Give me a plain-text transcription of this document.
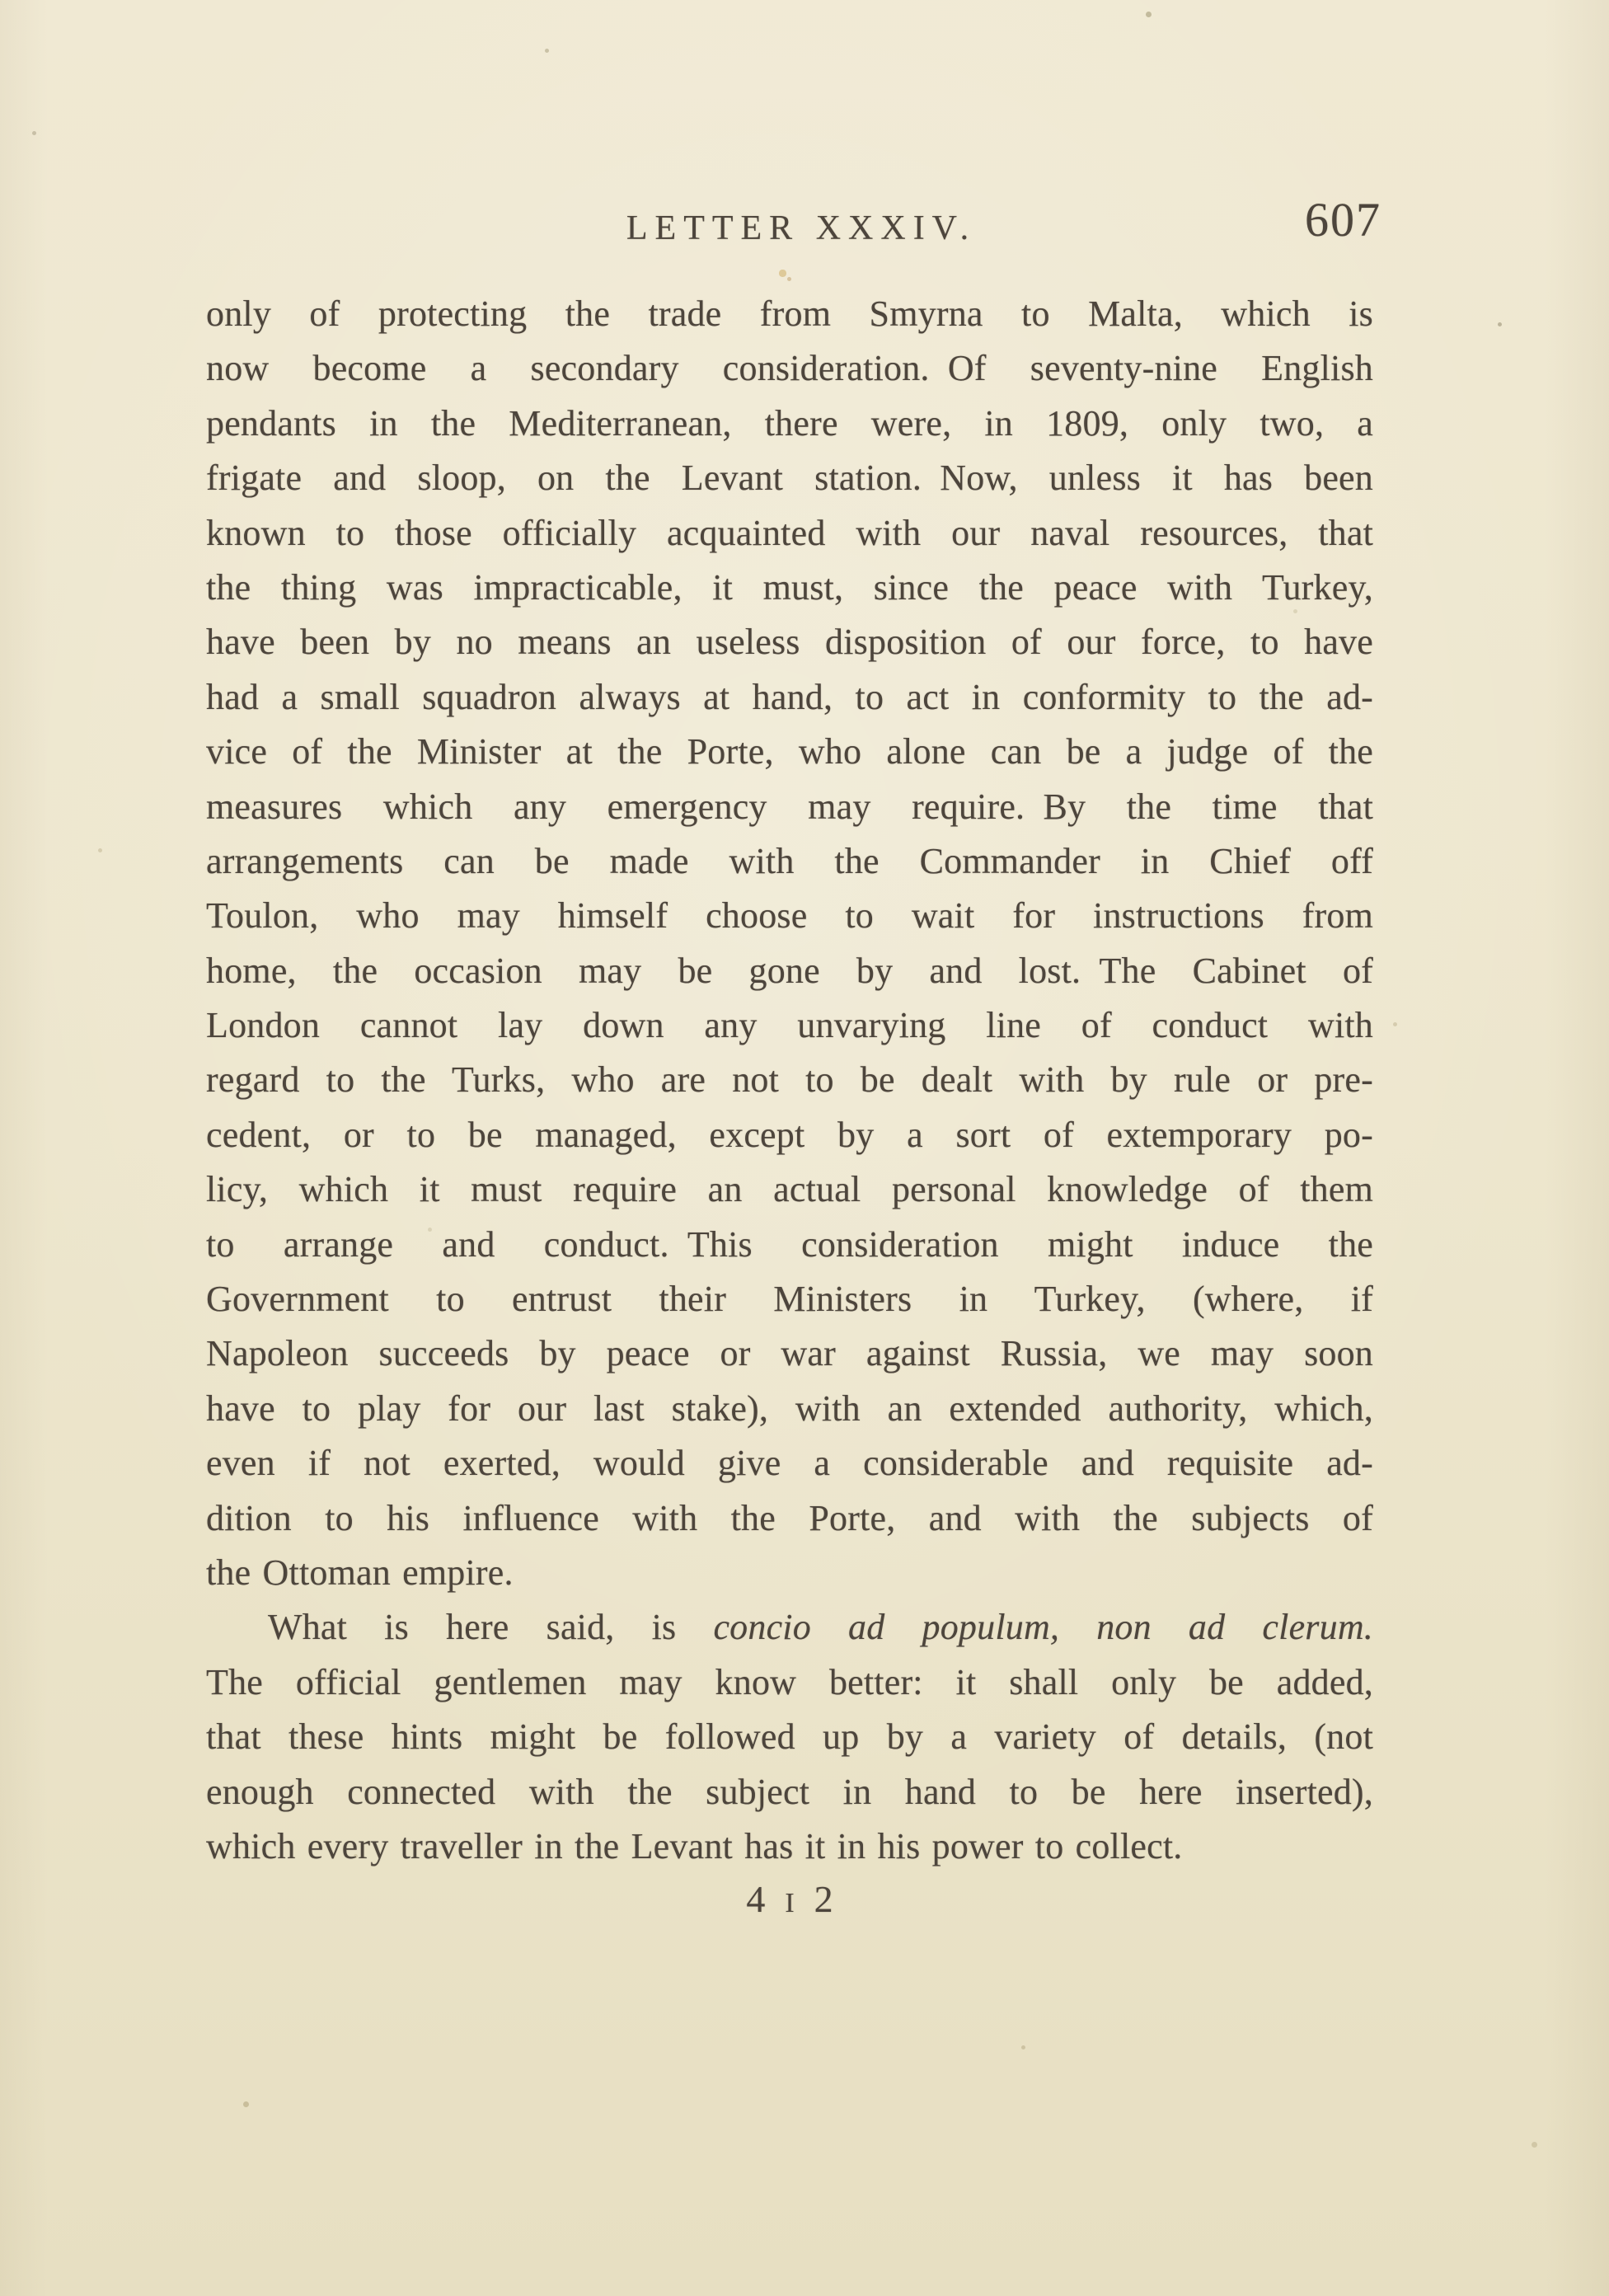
LETTER XXXIV.	607
only of protecting the trade from Smyrna to Malta, which is
now become a secondary consideration. Of seventy-nine English
pendants in the Mediterranean, there were, in 1809, only two, a
frigate and sloop, on the Levant station. Now, unless it has been
known to those officially acquainted with our naval resources, that
the thing was impracticable, it must, since the peace with Turkey,
have been by no means an useless disposition of our force, to have
had a small squadron always at hand, to act in conformity to the ad-
vice of the Minister at the Porte, who alone can be a judge of the
measures which any emergency may require. By the time that
arrangements can be made with the Commander in Chief off
Toulon, who may himself choose to wait for instructions from
home, the occasion may be gone by and lost. The Cabinet of
London cannot lay down any unvarying line of conduct with
regard to the Turks, who are not to be dealt with by rule or pre-
cedent, or to be managed, except by a sort of extemporary po-
licy, which it must require an actual personal knowledge of them
to arrange and conduct. This consideration might induce the
Government to entrust their Ministers in Turkey, (where, if
Napoleon succeeds by peace or war against Russia, we may soon
have to play for our last stake), with an extended authority, which,
even if not exerted, would give a considerable and requisite ad-
dition to his influence with the Porte, and with the subjects of
the Ottoman empire.
What is here said, is concio ad populum, non ad clerum.
The official gentlemen may know better: it shall only be added,
that these hints might be followed up by a variety of details, (not
enough connected with the subject in hand to be here inserted),
which every traveller in the Levant has it in his power to collect.
4 I 2
